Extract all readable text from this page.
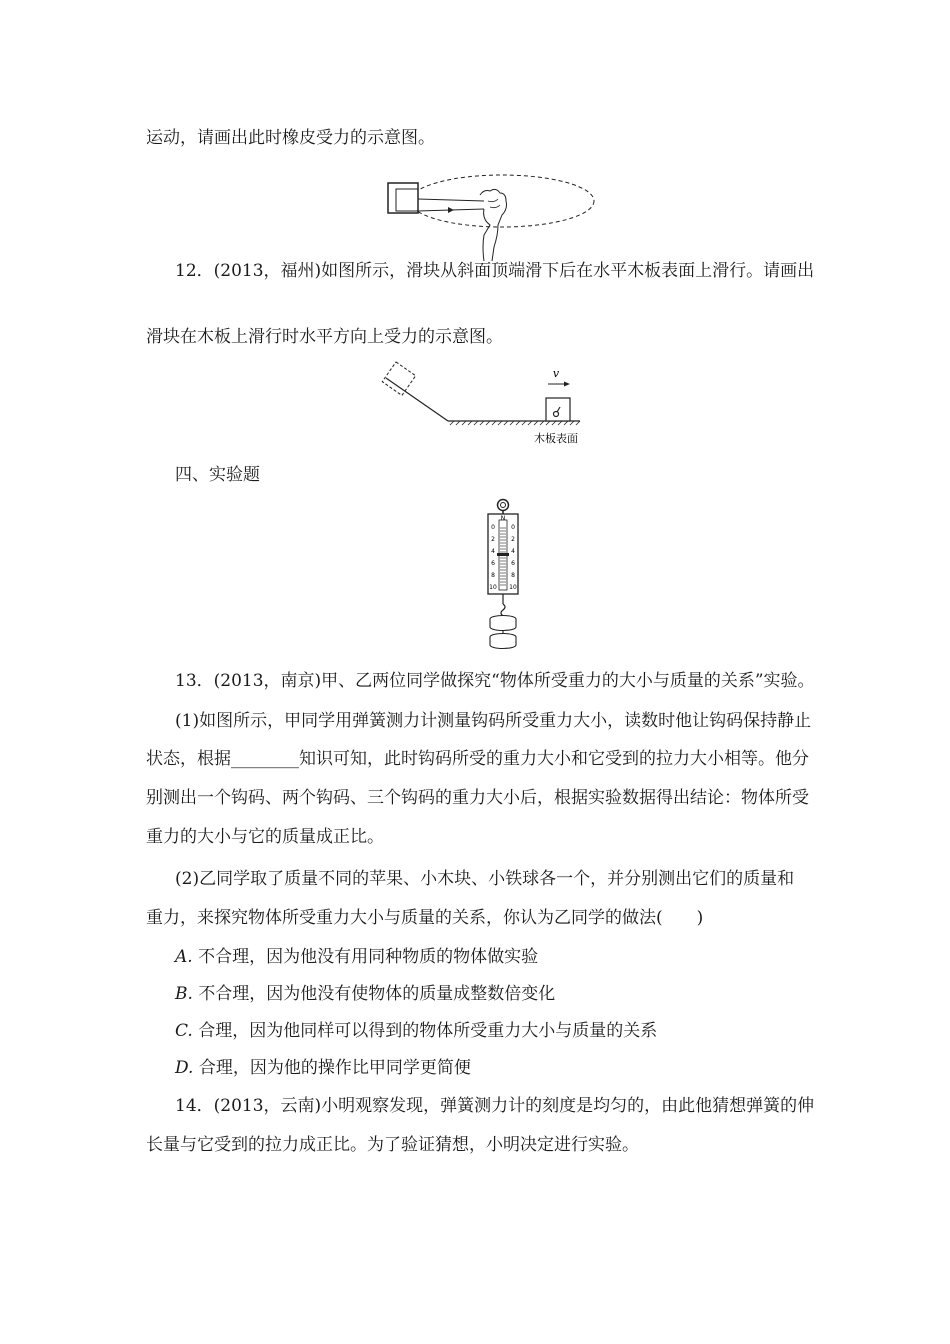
运动，请画出此时橡皮受力的示意图。
12．(2013，福州)如图所示，滑块从斜面顶端滑下后在水平木板表面上滑行。请画出
滑块在木板上滑行时水平方向上受力的示意图。
v
木板表面
四、实验题
N
0
2
4
6
8
10
0
2
4
6
8
10
13．(2013，南京)甲、乙两位同学做探究“物体所受重力的大小与质量的关系”实验。
(1)如图所示，甲同学用弹簧测力计测量钩码所受重力大小，读数时他让钩码保持静止
状态，根据________知识可知，此时钩码所受的重力大小和它受到的拉力大小相等。他分
别测出一个钩码、两个钩码、三个钩码的重力大小后，根据实验数据得出结论：物体所受
重力的大小与它的质量成正比。
(2)乙同学取了质量不同的苹果、小木块、小铁球各一个，并分别测出它们的质量和
重力，来探究物体所受重力大小与质量的关系，你认为乙同学的做法(　　)
A. 不合理，因为他没有用同种物质的物体做实验
B. 不合理，因为他没有使物体的质量成整数倍变化
C. 合理，因为他同样可以得到的物体所受重力大小与质量的关系
D. 合理，因为他的操作比甲同学更简便
14．(2013，云南)小明观察发现，弹簧测力计的刻度是均匀的，由此他猜想弹簧的伸
长量与它受到的拉力成正比。为了验证猜想，小明决定进行实验。
